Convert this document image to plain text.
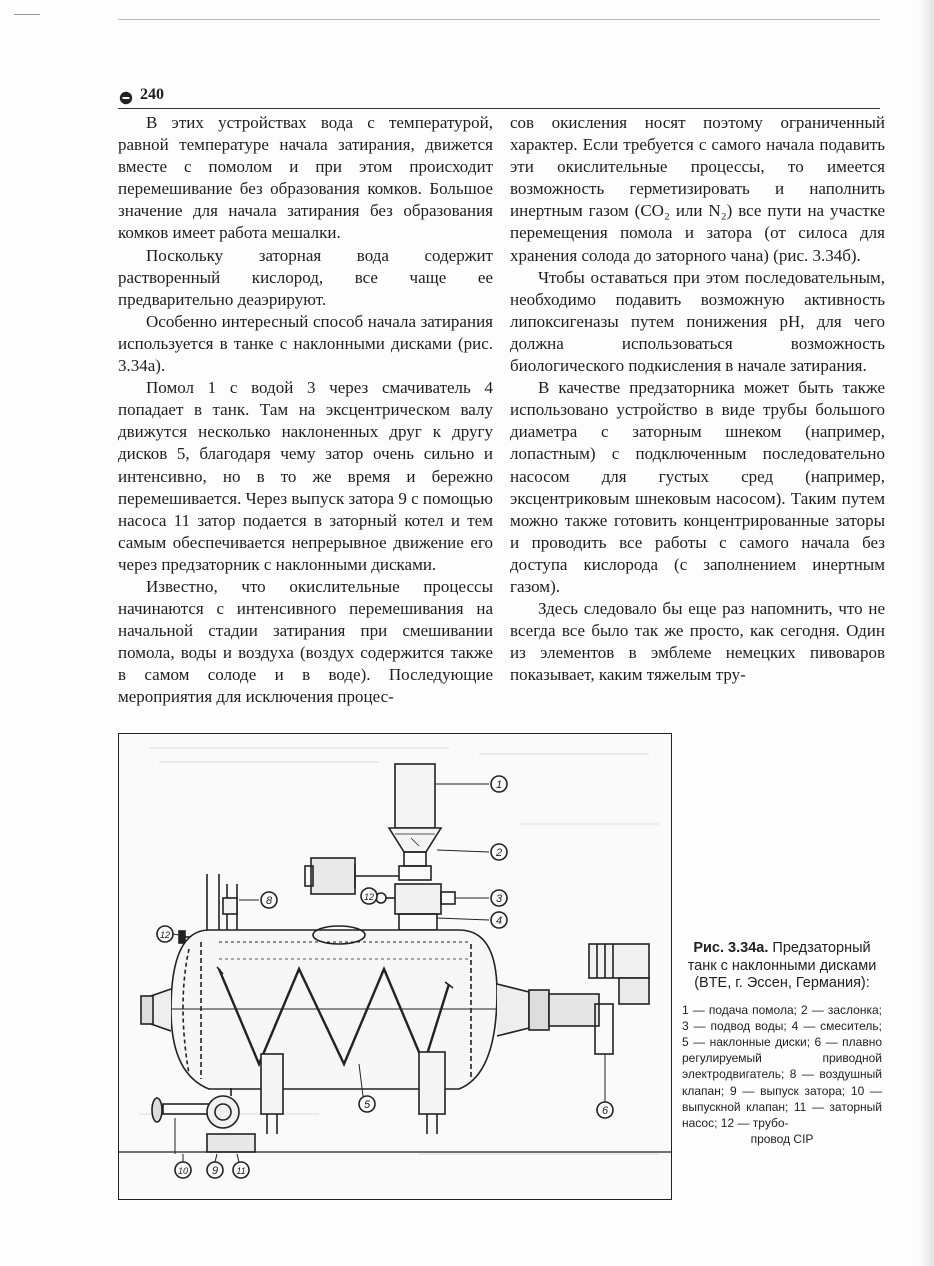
240

В этих устройствах вода с температурой, равной температуре начала затирания, движется вместе с помолом и при этом происходит перемешивание без образования комков. Большое значение для начала затирания без образования комков имеет работа мешалки.

Поскольку заторная вода содержит растворенный кислород, все чаще ее предварительно деаэрируют.

Особенно интересный способ начала затирания используется в танке с наклонными дисками (рис. 3.34а).

Помол 1 с водой 3 через смачиватель 4 попадает в танк. Там на эксцентрическом валу движутся несколько наклоненных друг к другу дисков 5, благодаря чему затор очень сильно и интенсивно, но в то же время и бережно перемешивается. Через выпуск затора 9 с помощью насоса 11 затор подается в заторный котел и тем самым обеспечивается непрерывное движение его через предзаторник с наклонными дисками.

Известно, что окислительные процессы начинаются с интенсивного перемешивания на начальной стадии затирания при смешивании помола, воды и воздуха (воздух содержится также в самом солоде и в воде). Последующие мероприятия для исключения процес-

сов окисления носят поэтому ограниченный характер. Если требуется с самого начала подавить эти окислительные процессы, то имеется возможность герметизировать и наполнить инертным газом (CO₂ или N₂) все пути на участке перемещения помола и затора (от силоса для хранения солода до заторного чана) (рис. 3.34б).

Чтобы оставаться при этом последовательным, необходимо подавить возможную активность липоксигеназы путем понижения pH, для чего должна использоваться возможность биологического подкисления в начале затирания.

В качестве предзаторника может быть также использовано устройство в виде трубы большого диаметра с заторным шнеком (например, лопастным) с подключенным последовательно насосом для густых сред (например, эксцентриковым шнековым насосом). Таким путем можно также готовить концентрированные заторы и проводить все работы с самого начала без доступа кислорода (с заполнением инертным газом).

Здесь следовало бы еще раз напомнить, что не всегда все было так же просто, как сегодня. Один из элементов в эмблеме немецких пивоваров показывает, каким тяжелым тру-

1
2
3
4
5	6
8
9
10	11
12
12
Рис. 3.34а. Предзаторный танк с наклонными дисками (BTE, г. Эссен, Германия):
1 — подача помола; 2 — заслонка; 3 — подвод воды; 4 — смеситель; 5 — наклонные диски; 6 — плавно регулируемый приводной электродвигатель; 8 — воздушный клапан; 9 — выпуск затора; 10 — выпускной клапан; 11 — заторный насос; 12 — трубо-
провод CIP
